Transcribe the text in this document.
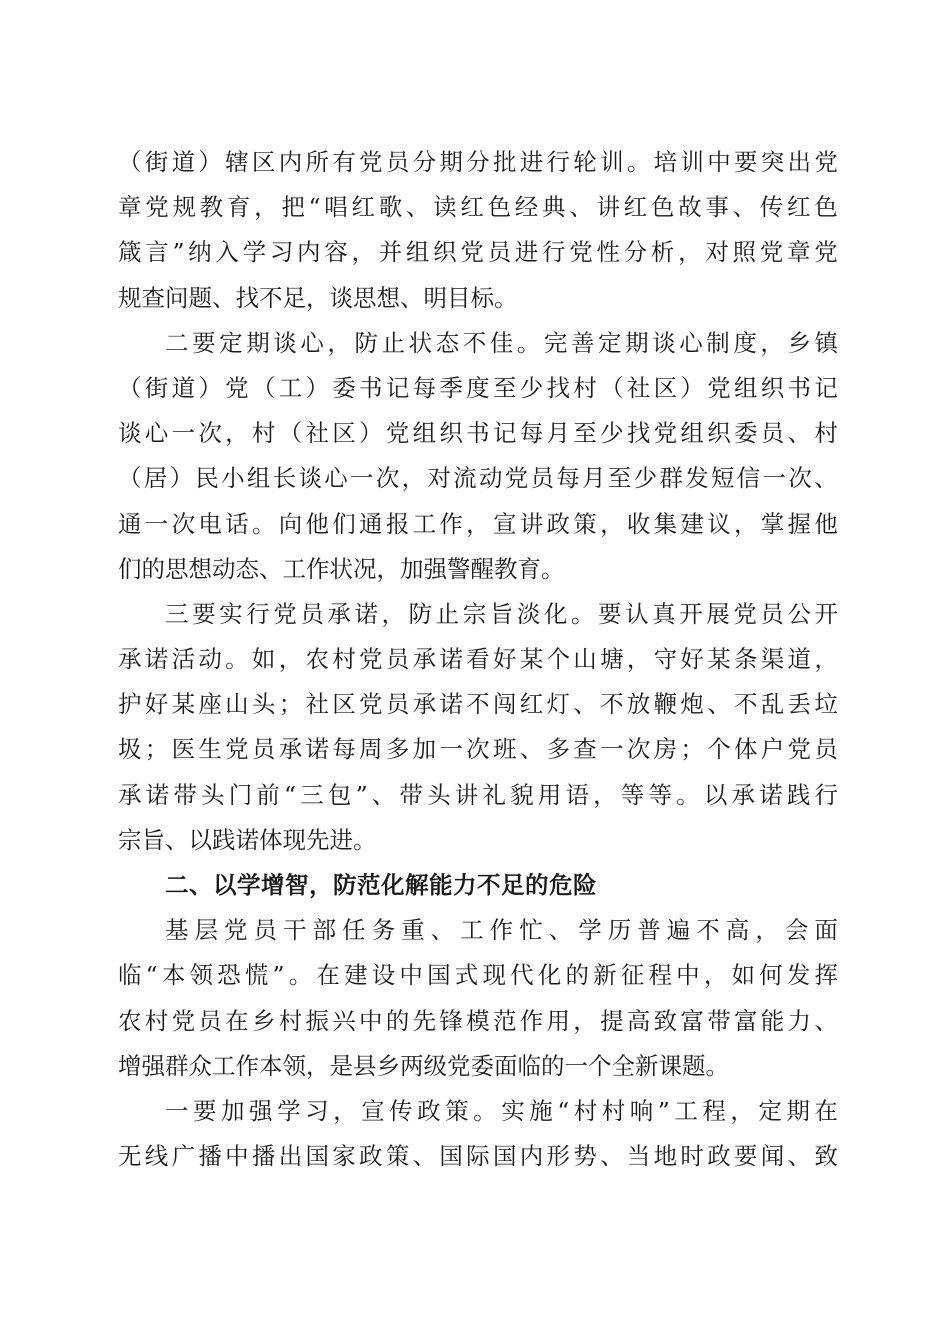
（ 街 道 ） 辖 区 内 所 有 党 员 分 期 分 批 进 行 轮 训 。 培 训 中 要 突 出 党
章 党 规 教 育 ， 把 “ 唱 红 歌 、 读 红 色 经 典 、 讲 红 色 故 事 、 传 红 色
箴 言 ” 纳 入 学 习 内 容 ， 并 组 织 党 员 进 行 党 性 分 析 ， 对 照 党 章 党
规查问题、找不足，谈思想、明目标。
二 要 定 期 谈 心 ， 防 止 状 态 不 佳 。 完 善 定 期 谈 心 制 度 ， 乡 镇
（ 街 道 ） 党 （ 工 ） 委 书 记 每 季 度 至 少 找 村 （ 社 区 ） 党 组 织 书 记
谈 心 一 次 ， 村 （ 社 区 ） 党 组 织 书 记 每 月 至 少 找 党 组 织 委 员 、 村
（ 居 ） 民 小 组 长 谈 心 一 次 ， 对 流 动 党 员 每 月 至 少 群 发 短 信 一 次 、
通 一 次 电 话 。 向 他 们 通 报 工 作 ， 宣 讲 政 策 ， 收 集 建 议 ， 掌 握 他
们的思想动态、工作状况，加强警醒教育。
三 要 实 行 党 员 承 诺 ， 防 止 宗 旨 淡 化 。 要 认 真 开 展 党 员 公 开
承 诺 活 动 。 如 ， 农 村 党 员 承 诺 看 好 某 个 山 塘 ， 守 好 某 条 渠 道 ，
护 好 某 座 山 头 ； 社 区 党 员 承 诺 不 闯 红 灯 、 不 放 鞭 炮 、 不 乱 丢 垃
圾 ； 医 生 党 员 承 诺 每 周 多 加 一 次 班 、 多 查 一 次 房 ； 个 体 户 党 员
承 诺 带 头 门 前 “ 三 包 ” 、 带 头 讲 礼 貌 用 语 ， 等 等 。 以 承 诺 践 行
宗旨、以践诺体现先进。
二、以学增智，防范化解能力不足的危险
基 层 党 员 干 部 任 务 重 、 工 作 忙 、 学 历 普 遍 不 高 ， 会 面
临 “ 本 领 恐 慌 ” 。 在 建 设 中 国 式 现 代 化 的 新 征 程 中 ， 如 何 发 挥
农 村 党 员 在 乡 村 振 兴 中 的 先 锋 模 范 作 用 ， 提 高 致 富 带 富 能 力 、
增强群众工作本领，是县乡两级党委面临的一个全新课题。
一 要 加 强 学 习 ， 宣 传 政 策 。 实 施 “ 村 村 响 ” 工 程 ， 定 期 在
无 线 广 播 中 播 出 国 家 政 策 、 国 际 国 内 形 势 、 当 地 时 政 要 闻 、 致
